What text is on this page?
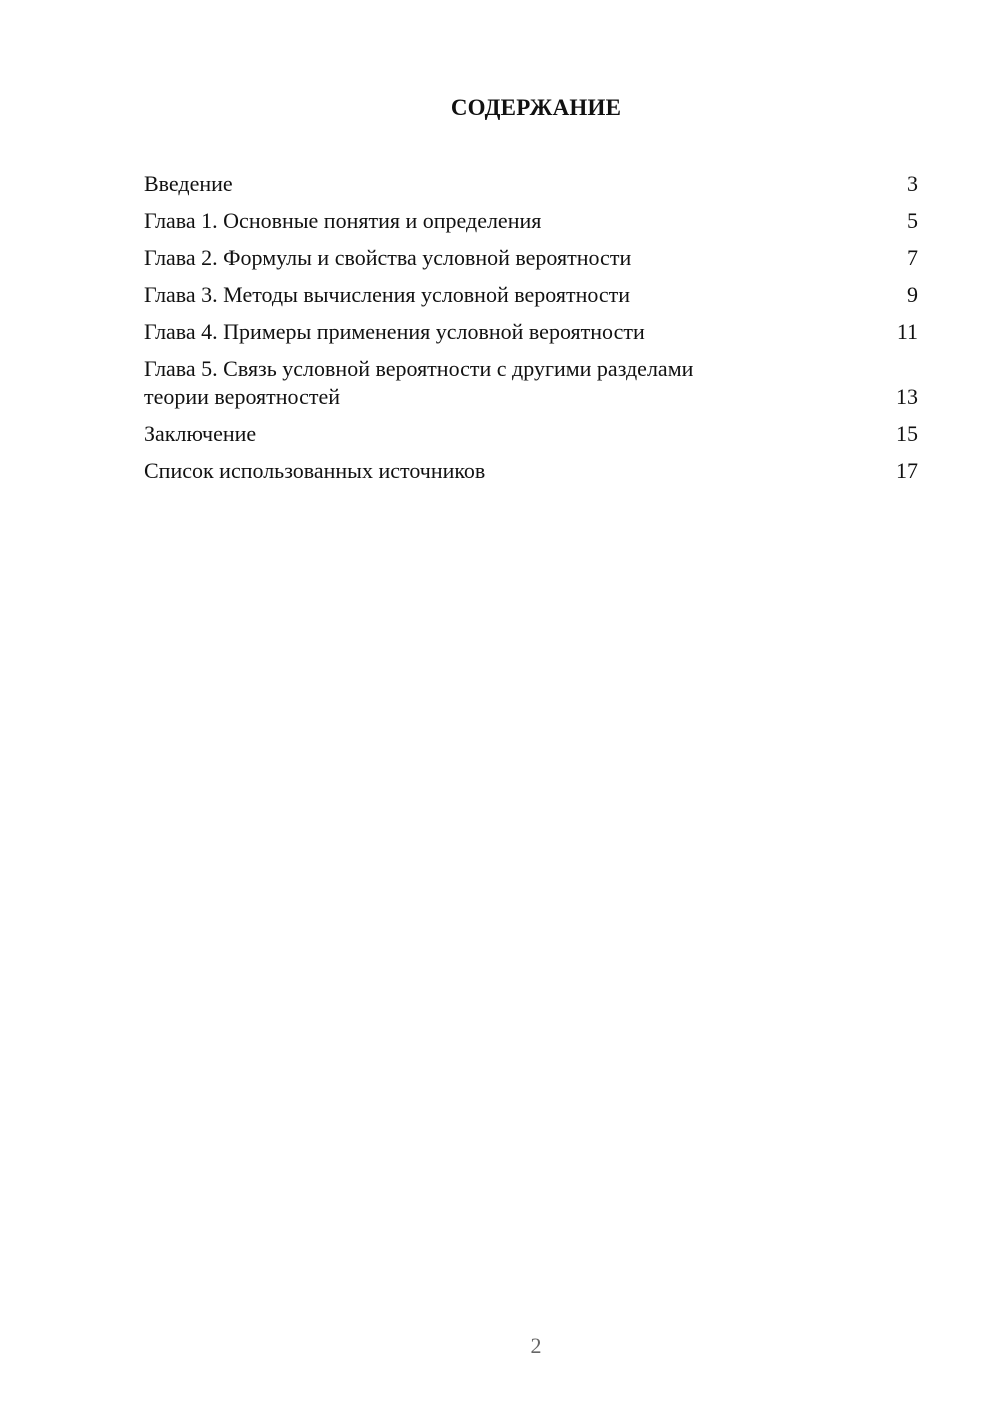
СОДЕРЖАНИЕ
Введение	3
Глава 1. Основные понятия и определения	5
Глава 2. Формулы и свойства условной вероятности	7
Глава 3. Методы вычисления условной вероятности	9
Глава 4. Примеры применения условной вероятности	11
Глава 5. Связь условной вероятности с другими разделами
теории вероятностей	13
Заключение	15
Список использованных источников	17
2
